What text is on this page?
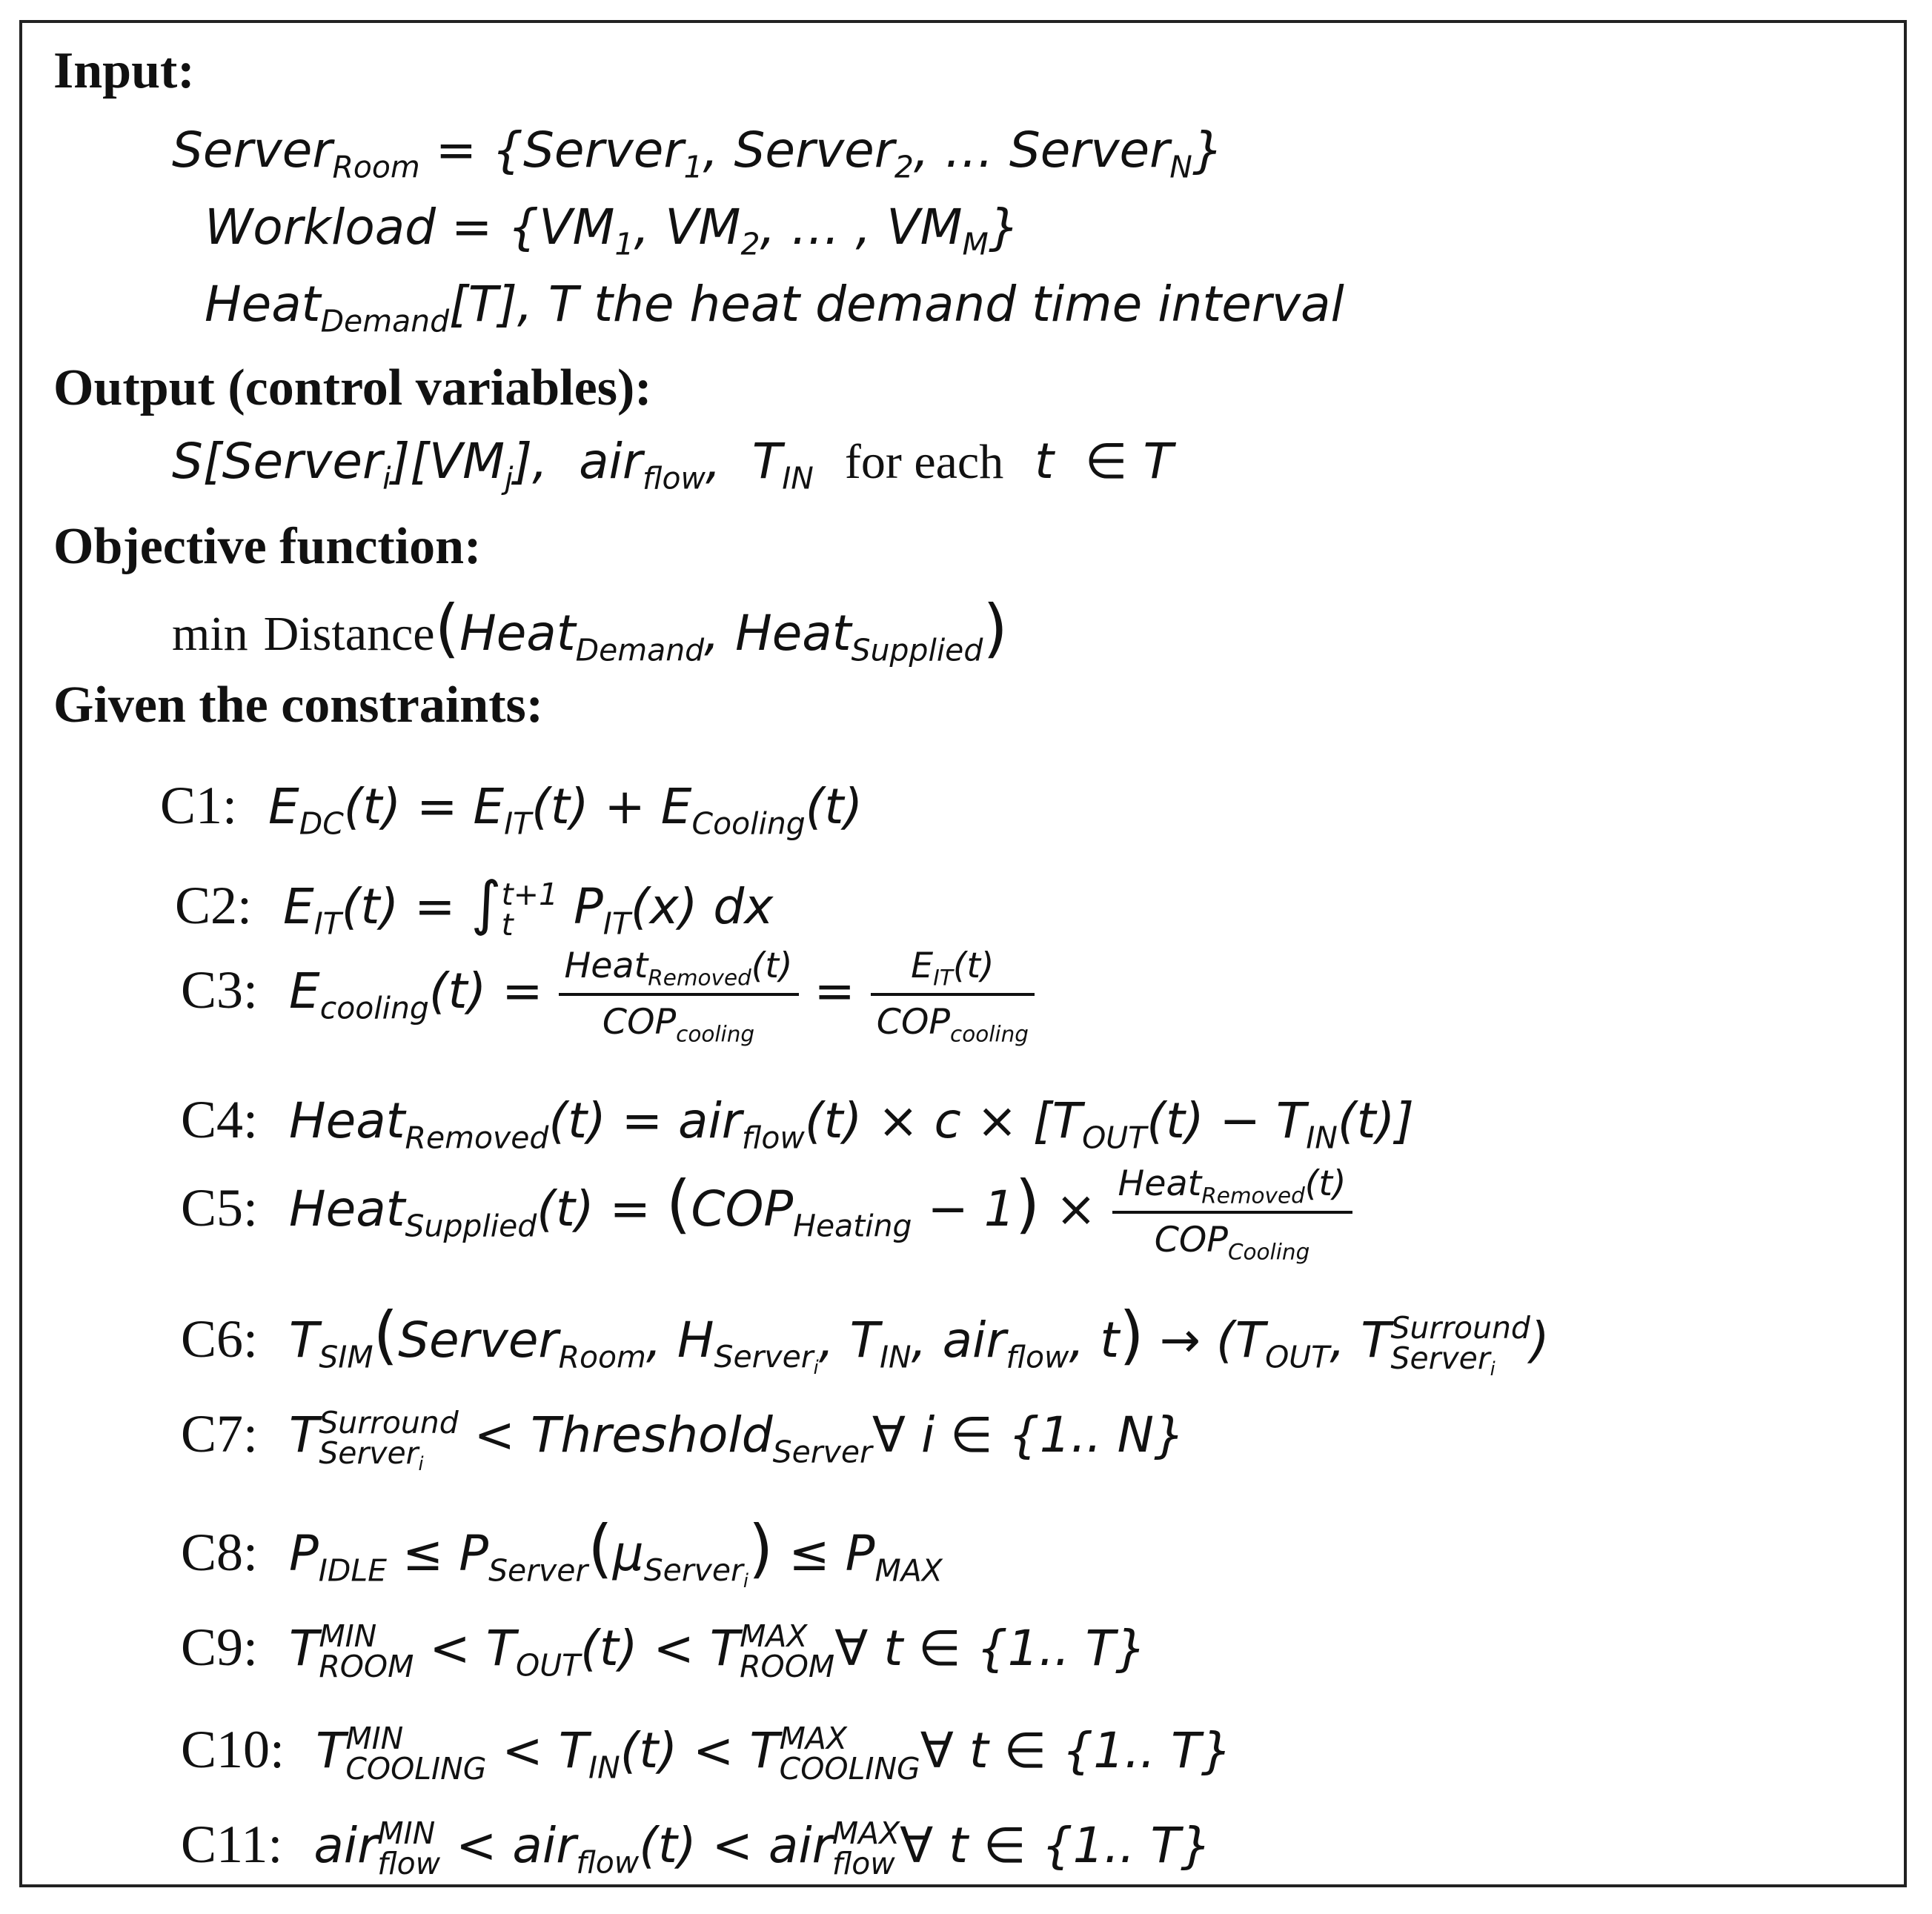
Input:
Server$_{Room}$ = {Server$_1$, Server$_2$, … Server$_N$}
Workload = {$VM_1$, $VM_2$, … , $VM_M$}
Heat$_{Demand}$[T], T the heat demand time interval
Output (control variables):
$S[Server_i][VM_j]$,  air$_{flow}$,  $T_{IN}$ for each  t  ∈ T
Objective function:
min Distance(Heat$_{Demand}$, Heat$_{Supplied}$)
Given the constraints:
C1:  $E_{DC}(t) = E_{IT}(t) + E_{Cooling}(t)$
C2:  $E_{IT}(t)$ = ∫ t+1
t $P_{IT}(x)$ dx
C3:  $E_{cooling}(t) = \frac{Heat_{Removed}(t)}{COP_{cooling}} = \frac{E_{IT}(t)}{COP_{cooling}}$
C4:  Heat$_{Removed}$(t) = $air_{flow}(t) \times c \times [T_{OUT}(t) - T_{IN}(t)]$
C5:  Heat$_{Supplied}$(t) = $(COP_{Heating} - 1) \times \frac{Heat_{Removed}(t)}{COP_{Cooling}}$
C6:  $T_{SIM}(Server_{Room}$, $H_{Server_i}$, $T_{IN}$, air$_{flow}$, $t) \to (T_{OUT}$, T Surround
Server$_i$ )
C7:  T Surround
Server$_i$ < Threshold$_{Server}$∀ i ∈ {1.. N}
C8:  $P_{IDLE} \le P_{Server}(\mu_{Server_i}) \le P_{MAX}$
C9:  T MIN
ROOM < $T_{OUT}(t) < T$ MAX
ROOM ∀ t ∈ {1.. T}
C10:  T MIN
COOLING < $T_{IN}(t) < T$ MAX
COOLING ∀ t ∈ {1.. T}
C11:  air MIN
flow < air$_{flow}$(t) < air MAX
flow ∀ t ∈ {1.. T}
